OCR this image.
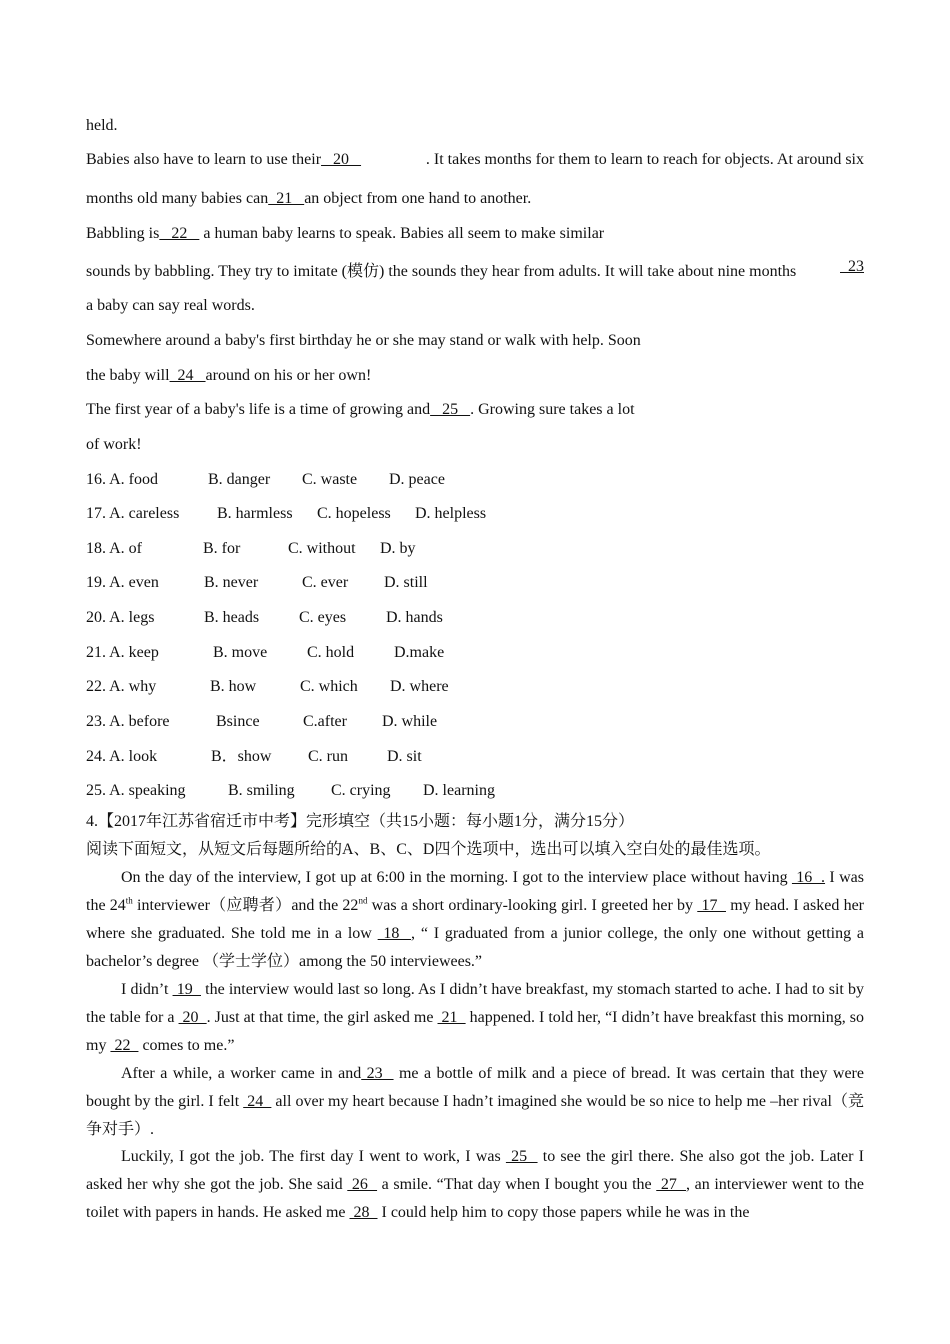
held.
Babies also have to learn to use their   20	. It takes months for them to learn to reach for objects. At around six
months old many babies can  21   an object from one hand to another.
Babbling is   22    a human baby learns to speak. Babies all seem to make similar
sounds by babbling. They try to imitate (模仿) the sounds they hear from adults. It will take about nine months	23
a baby can say real words.
Somewhere around a baby's first birthday he or she may stand or walk with help. Soon
the baby will  24   around on his or her own!
The first year of a baby's life is a time of growing and   25   . Growing sure takes a lot
of work!
16. A. food	B. danger C. waste D. peace
17. A. careless B. harmless C. hopeless D. helpless
18. A. of	B. for	C. without D. by
19. A. even	B. never	C. ever D. still
20. A. legs	B. heads C. eyes D. hands
21. A. keep	B. move C. hold D.make
22. A. why	B. how	C. which D. where
23. A. before	Bsince	C.after D. while
24. A. look	B．show C. run D. sit
25. A. speaking	B. smiling C. crying D. learning
4.【2017年江苏省宿迁市中考】完形填空（共15小题：每小题1分，满分15分）
阅读下面短文，从短文后每题所给的A、B、C、D四个选项中，选出可以填入空白处的最佳选项。
On the day of the interview, I got up at 6:00 in the morning. I got to the interview place without having  16  . I was the 24th interviewer（应聘者）and the 22nd was a short ordinary-looking girl. I greeted her by  17   my head. I asked her where she graduated. She told me in a low  18  , “ I graduated from a junior college, the only one without getting a bachelor’s degree （学士学位）among the 50 interviewees.”
I didn’t  19   the interview would last so long. As I didn’t have breakfast, my stomach started to ache. I had to sit by the table for a  20  . Just at that time, the girl asked me  21   happened. I told her, “I didn’t have breakfast this morning, so my  22   comes to me.”
After a while, a worker came in and 23   me a bottle of milk and a piece of bread. It was certain that they were bought by the girl. I felt  24   all over my heart because I hadn’t imagined she would be so nice to help me –her rival（竞争对手）.
Luckily, I got the job. The first day I went to work, I was  25   to see the girl there. She also got the job. Later I asked her why she got the job. She said  26   a smile. “That day when I bought you the  27  , an interviewer went to the toilet with papers in hands. He asked me  28   I could help him to copy those papers while he was in the
